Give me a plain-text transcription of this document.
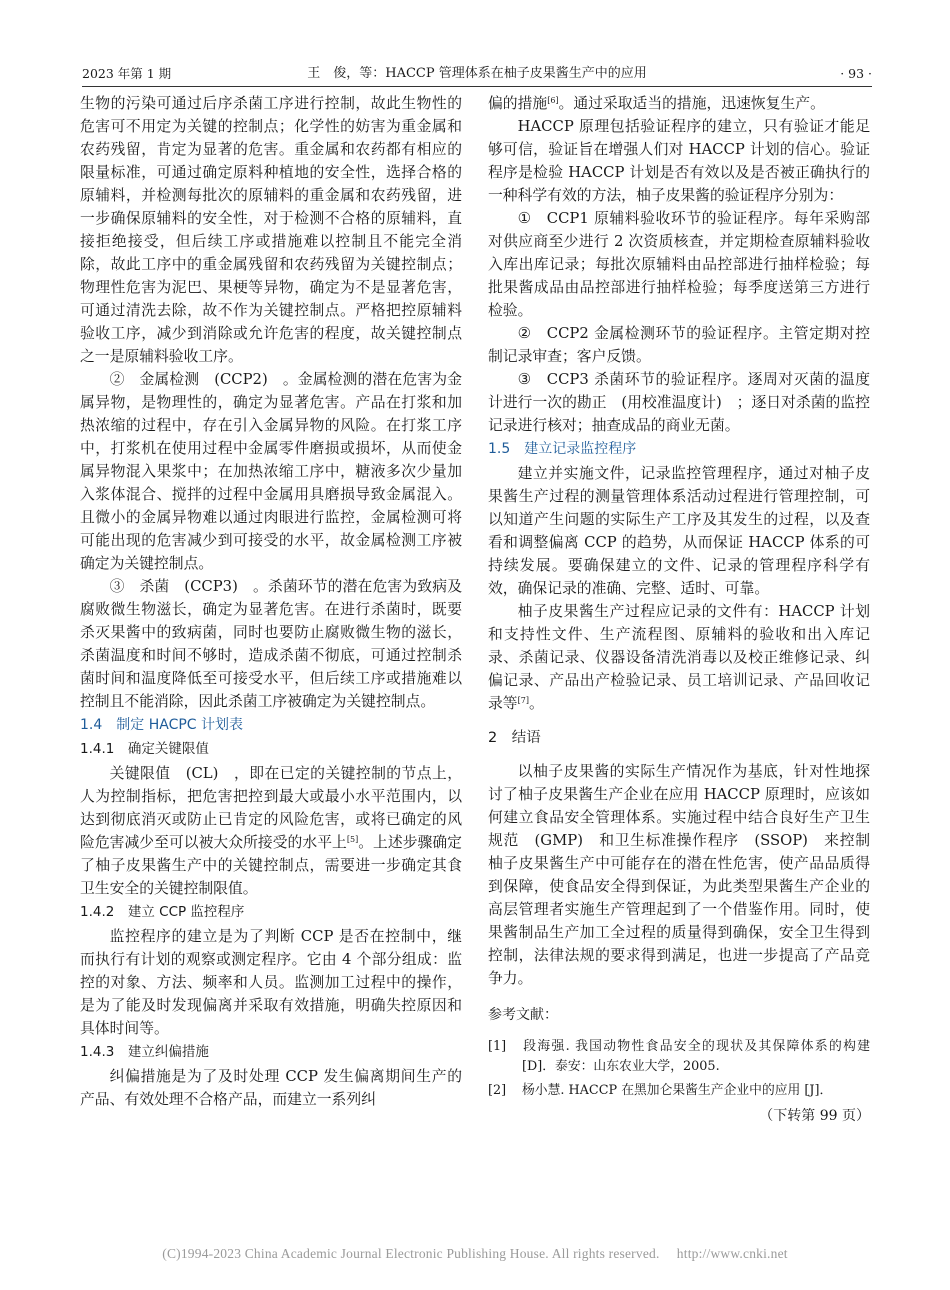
2023 年第 1 期	王　俊，等：HACCP 管理体系在柚子皮果酱生产中的应用	· 93 ·

生物的污染可通过后序杀菌工序进行控制，故此生物性的危害可不用定为关键的控制点；化学性的妨害为重金属和农药残留，肯定为显著的危害。重金属和农药都有相应的限量标准，可通过确定原料种植地的安全性，选择合格的原辅料，并检测每批次的原辅料的重金属和农药残留，进一步确保原辅料的安全性，对于检测不合格的原辅料，直接拒绝接受，但后续工序或措施难以控制且不能完全消除，故此工序中的重金属残留和农药残留为关键控制点；物理性危害为泥巴、果梗等异物，确定为不是显著危害，可通过清洗去除，故不作为关键控制点。严格把控原辅料验收工序，减少到消除或允许危害的程度，故关键控制点之一是原辅料验收工序。

②　金属检测　(CCP2)　。金属检测的潜在危害为金属异物，是物理性的，确定为显著危害。产品在打浆和加热浓缩的过程中，存在引入金属异物的风险。在打浆工序中，打浆机在使用过程中金属零件磨损或损坏，从而使金属异物混入果浆中；在加热浓缩工序中，糖液多次少量加入浆体混合、搅拌的过程中金属用具磨损导致金属混入。且微小的金属异物难以通过肉眼进行监控，金属检测可将可能出现的危害减少到可接受的水平，故金属检测工序被确定为关键控制点。

③　杀菌　(CCP3)　。杀菌环节的潜在危害为致病及腐败微生物滋长，确定为显著危害。在进行杀菌时，既要杀灭果酱中的致病菌，同时也要防止腐败微生物的滋长，杀菌温度和时间不够时，造成杀菌不彻底，可通过控制杀菌时间和温度降低至可接受水平，但后续工序或措施难以控制且不能消除，因此杀菌工序被确定为关键控制点。

1.4　制定 HACPC 计划表

1.4.1　确定关键限值

关键限值　(CL)　，即在已定的关键控制的节点上，人为控制指标，把危害把控到最大或最小水平范围内，以达到彻底消灭或防止已肯定的风险危害，或将已确定的风险危害减少至可以被大众所接受的水平上[5]。上述步骤确定了柚子皮果酱生产中的关键控制点，需要进一步确定其食卫生安全的关键控制限值。

1.4.2　建立 CCP 监控程序

监控程序的建立是为了判断 CCP 是否在控制中，继而执行有计划的观察或测定程序。它由 4 个部分组成：监控的对象、方法、频率和人员。监测加工过程中的操作，是为了能及时发现偏离并采取有效措施，明确失控原因和具体时间等。

1.4.3　建立纠偏措施

纠偏措施是为了及时处理 CCP 发生偏离期间生产的产品、有效处理不合格产品，而建立一系列纠

偏的措施[6]。通过采取适当的措施，迅速恢复生产。

HACCP 原理包括验证程序的建立，只有验证才能足够可信，验证旨在增强人们对 HACCP 计划的信心。验证程序是检验 HACCP 计划是否有效以及是否被正确执行的一种科学有效的方法，柚子皮果酱的验证程序分别为：

①　CCP1 原辅料验收环节的验证程序。每年采购部对供应商至少进行 2 次资质核查，并定期检查原辅料验收入库出库记录；每批次原辅料由品控部进行抽样检验；每批果酱成品由品控部进行抽样检验；每季度送第三方进行检验。

②　CCP2 金属检测环节的验证程序。主管定期对控制记录审查；客户反馈。

③　CCP3 杀菌环节的验证程序。逐周对灭菌的温度计进行一次的勘正　(用校准温度计)　；逐日对杀菌的监控记录进行核对；抽查成品的商业无菌。

1.5　建立记录监控程序

建立并实施文件，记录监控管理程序，通过对柚子皮果酱生产过程的测量管理体系活动过程进行管理控制，可以知道产生问题的实际生产工序及其发生的过程，以及查看和调整偏离 CCP 的趋势，从而保证 HACCP 体系的可持续发展。要确保建立的文件、记录的管理程序科学有效，确保记录的准确、完整、适时、可靠。

柚子皮果酱生产过程应记录的文件有：HACCP 计划和支持性文件、生产流程图、原辅料的验收和出入库记录、杀菌记录、仪器设备清洗消毒以及校正维修记录、纠偏记录、产品出产检验记录、员工培训记录、产品回收记录等[7]。

2　结语

以柚子皮果酱的实际生产情况作为基底，针对性地探讨了柚子皮果酱生产企业在应用 HACCP 原理时，应该如何建立食品安全管理体系。实施过程中结合良好生产卫生规范　(GMP)　和卫生标准操作程序　(SSOP)　来控制柚子皮果酱生产中可能存在的潜在性危害，使产品品质得到保障，使食品安全得到保证，为此类型果酱生产企业的高层管理者实施生产管理起到了一个借鉴作用。同时，使果酱制品生产加工全过程的质量得到确保，安全卫生得到控制，法律法规的要求得到满足，也进一步提高了产品竞争力。

参考文献：

[1] 段海强. 我国动物性食品安全的现状及其保障体系的构建 [D]．泰安：山东农业大学，2005.

[2] 杨小慧. HACCP 在黑加仑果酱生产企业中的应用 [J]．

（下转第 99 页）

(C)1994-2023 China Academic Journal Electronic Publishing House. All rights reserved.　 http://www.cnki.net
